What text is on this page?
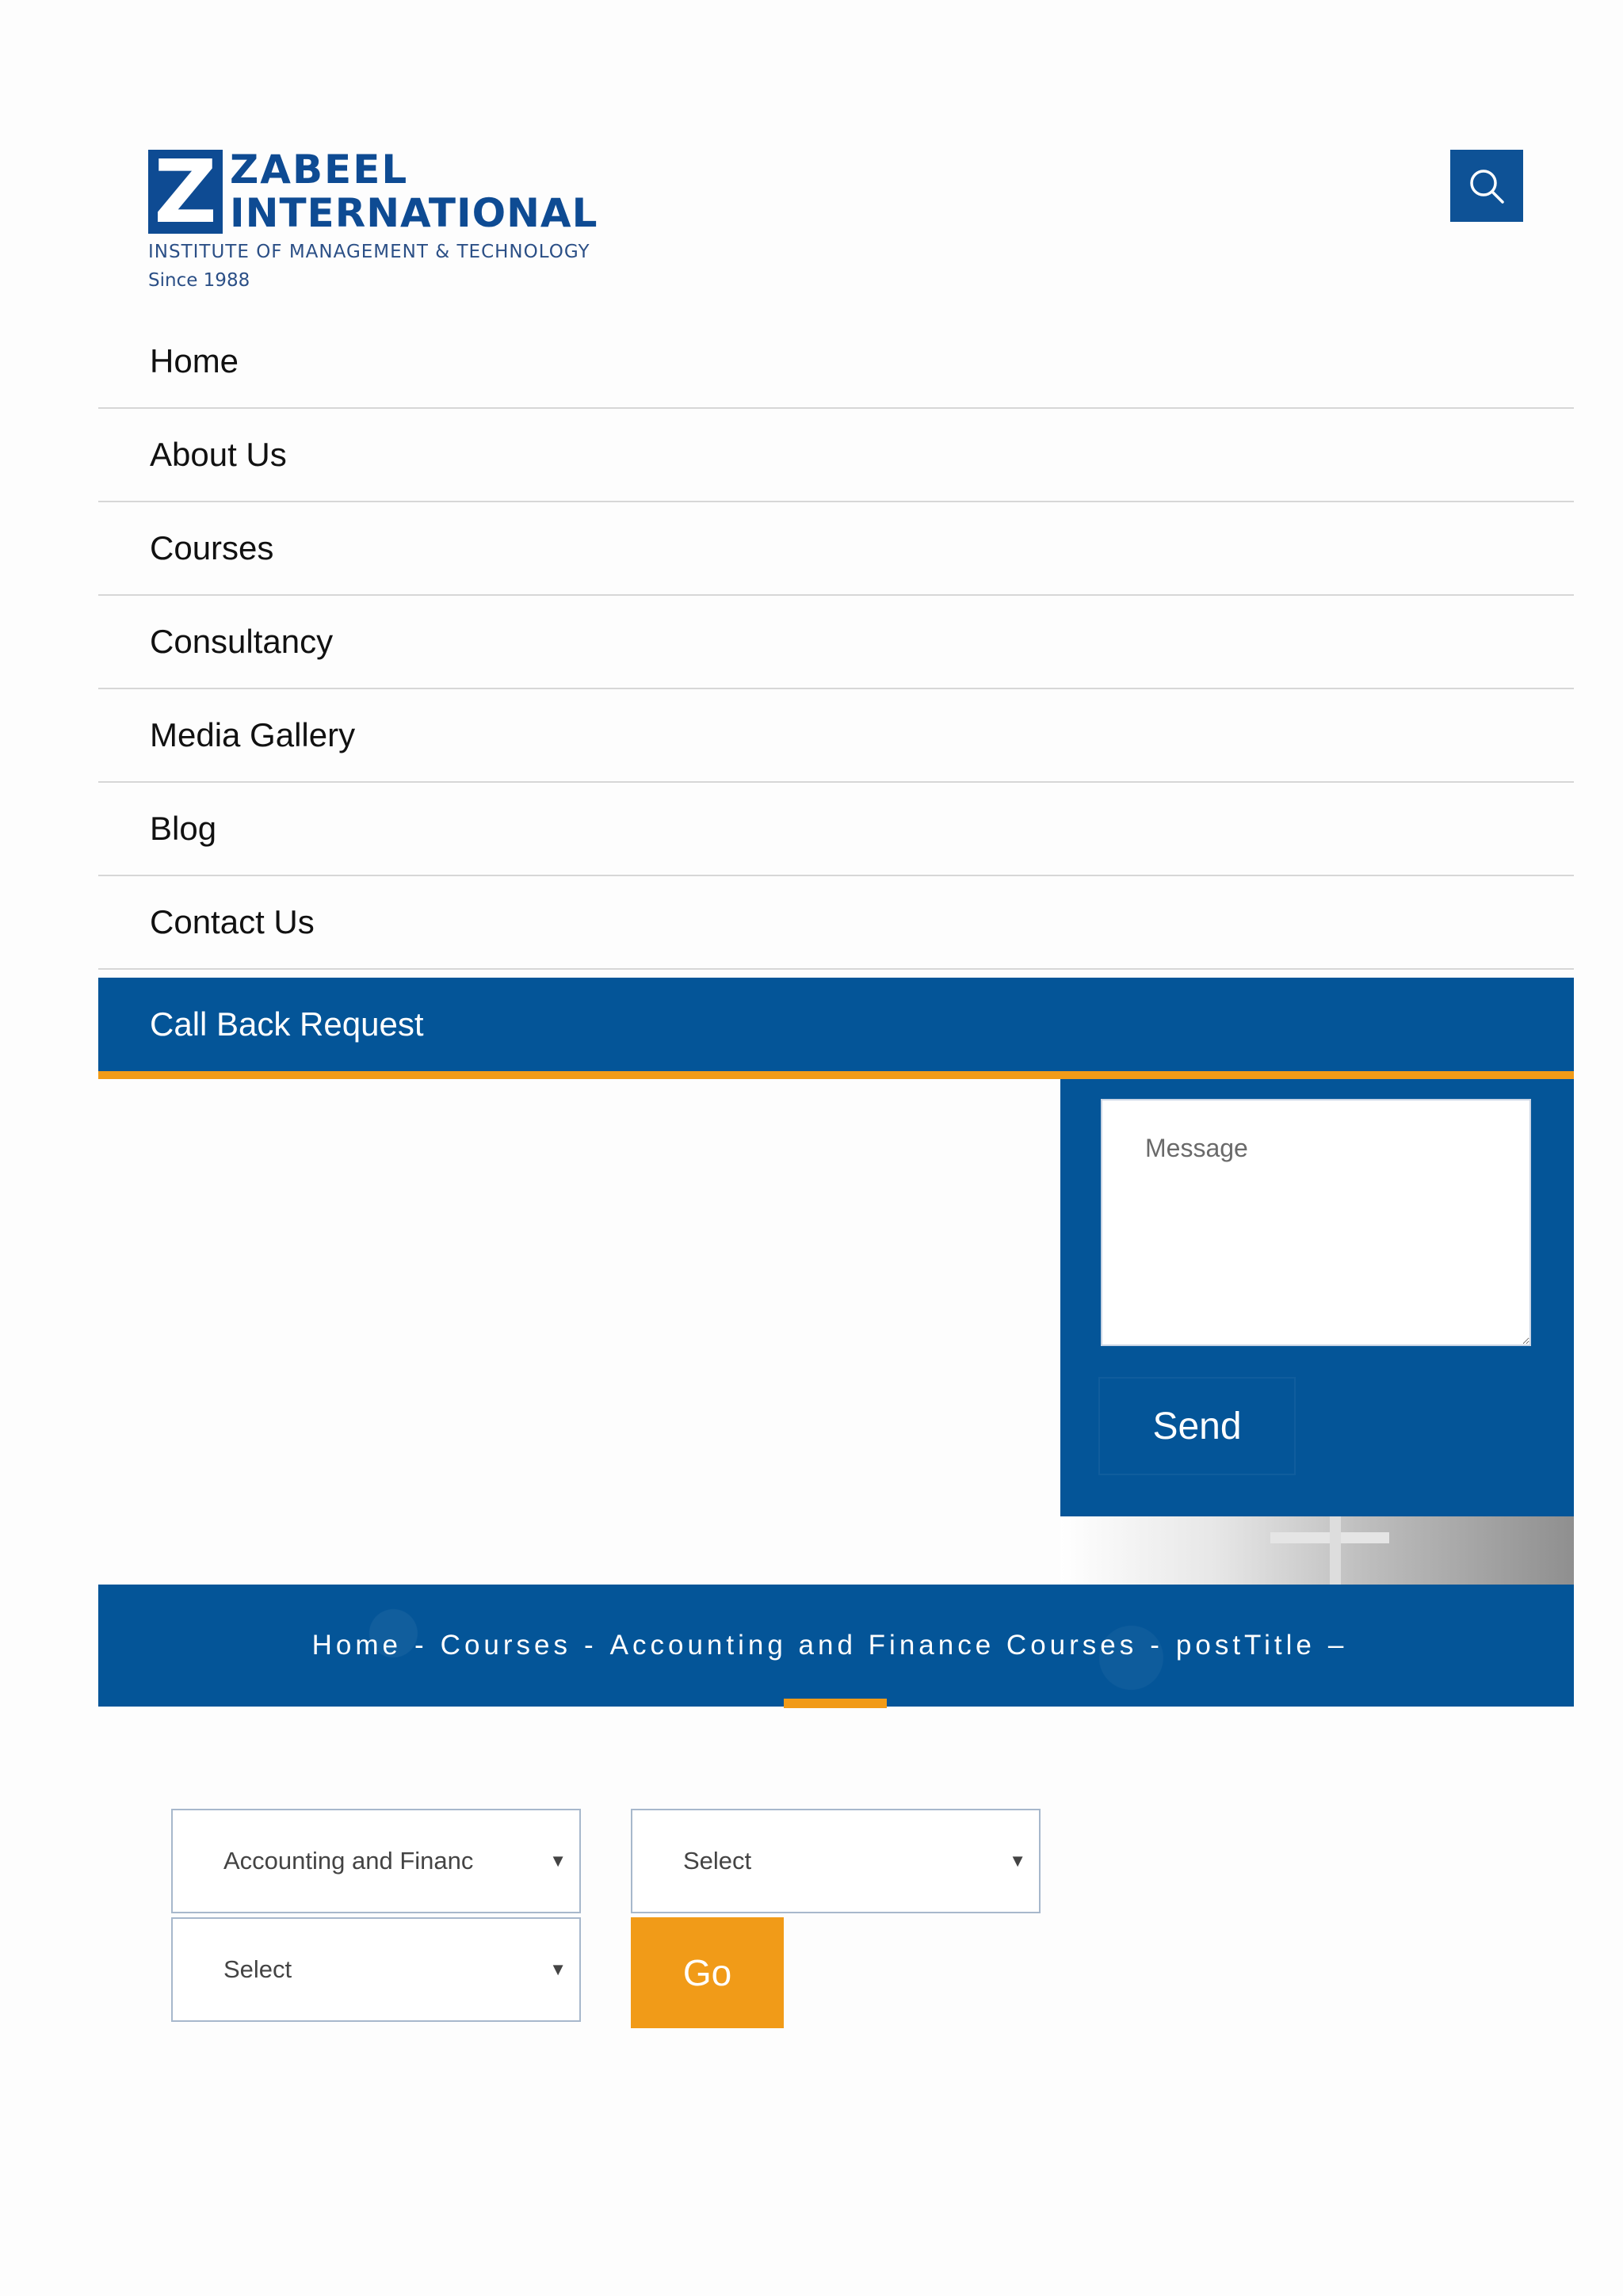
Z ZABEEL
INTERNATIONAL
INSTITUTE OF MANAGEMENT & TECHNOLOGY
Since 1988
Home
About Us
Courses
Consultancy
Media Gallery
Blog
Contact Us
Call Back Request
Message
Send
Home - Courses - Accounting and Finance Courses - postTitle –
Accounting and Financ	▼	Select	▼
Select	▼	Go
